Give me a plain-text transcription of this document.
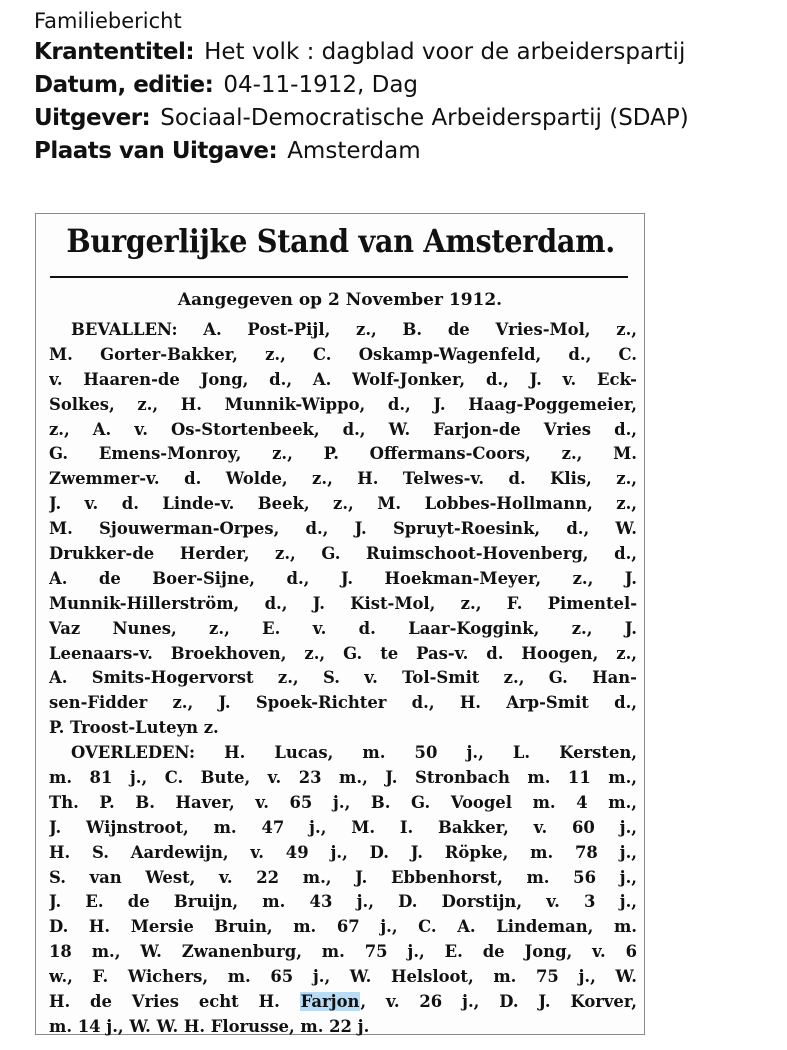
Familiebericht
Krantentitel: Het volk : dagblad voor de arbeiderspartij
Datum, editie: 04-11-1912, Dag
Uitgever: Sociaal-Democratische Arbeiderspartij (SDAP)
Plaats van Uitgave: Amsterdam
Burgerlijke Stand van Amsterdam.
Aangegeven op 2 November 1912.
BEVALLEN: A. Post-Pijl, z., B. de Vries-Mol, z.,
M. Gorter-Bakker, z., C. Oskamp-Wagenfeld, d., C.
v. Haaren-de Jong, d., A. Wolf-Jonker, d., J. v. Eck-
Solkes, z., H. Munnik-Wippo, d., J. Haag-Poggemeier,
z., A. v. Os-Stortenbeek, d., W. Farjon-de Vries d.,
G. Emens-Monroy, z., P. Offermans-Coors, z., M.
Zwemmer-v. d. Wolde, z., H. Telwes-v. d. Klis, z.,
J. v. d. Linde-v. Beek, z., M. Lobbes-Hollmann, z.,
M. Sjouwerman-Orpes, d., J. Spruyt-Roesink, d., W.
Drukker-de Herder, z., G. Ruimschoot-Hovenberg, d.,
A. de Boer-Sijne, d., J. Hoekman-Meyer, z., J.
Munnik-Hillerström, d., J. Kist-Mol, z., F. Pimentel-
Vaz Nunes, z., E. v. d. Laar-Koggink, z., J.
Leenaars-v. Broekhoven, z., G. te Pas-v. d. Hoogen, z.,
A. Smits-Hogervorst z., S. v. Tol-Smit z., G. Han-
sen-Fidder z., J. Spoek-Richter d., H. Arp-Smit d.,
P. Troost-Luteyn z.
OVERLEDEN: H. Lucas, m. 50 j., L. Kersten,
m. 81 j., C. Bute, v. 23 m., J. Stronbach m. 11 m.,
Th. P. B. Haver, v. 65 j., B. G. Voogel m. 4 m.,
J. Wijnstroot, m. 47 j., M. I. Bakker, v. 60 j.,
H. S. Aardewijn, v. 49 j., D. J. Röpke, m. 78 j.,
S. van West, v. 22 m., J. Ebbenhorst, m. 56 j.,
J. E. de Bruijn, m. 43 j., D. Dorstijn, v. 3 j.,
D. H. Mersie Bruin, m. 67 j., C. A. Lindeman, m.
18 m., W. Zwanenburg, m. 75 j., E. de Jong, v. 6
w., F. Wichers, m. 65 j., W. Helsloot, m. 75 j., W.
H. de Vries echt H. Farjon, v. 26 j., D. J. Korver,
m. 14 j., W. W. H. Florusse, m. 22 j.
